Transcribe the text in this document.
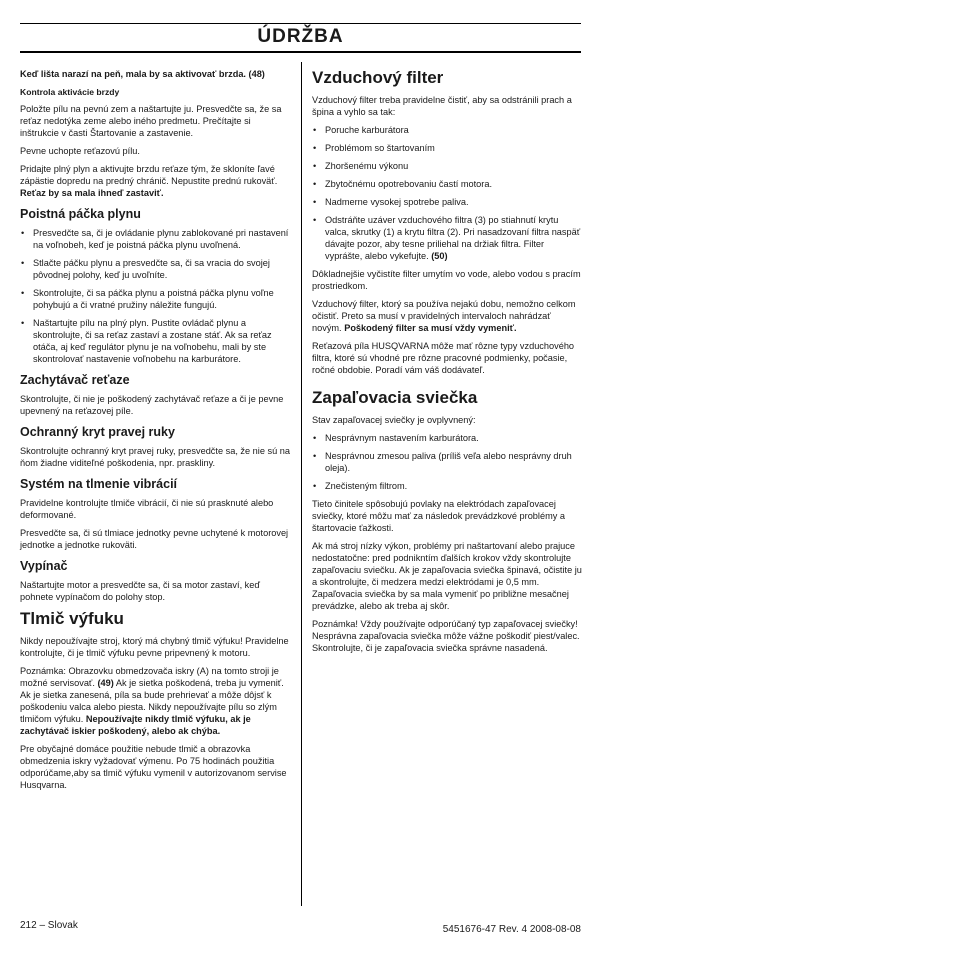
ÚDRŽBA

Keď lišta narazí na peň, mala by sa aktivovať brzda. (48)

Kontrola aktivácie brzdy

Položte pílu na pevnú zem a naštartujte ju. Presvedčte sa, že sa reťaz nedotýka zeme alebo iného predmetu. Prečítajte si inštrukcie v časti Štartovanie a zastavenie.

Pevne uchopte reťazovú pílu.

Pridajte plný plyn a aktivujte brzdu reťaze tým, že skloníte ľavé zápästie dopredu na predný chránič. Nepustite prednú rukoväť. Reťaz by sa mala ihneď zastaviť.

Poistná páčka plynu
• Presvedčte sa, či je ovládanie plynu zablokované pri nastavení na voľnobeh, keď je poistná páčka plynu uvoľnená.
• Stlačte páčku plynu a presvedčte sa, či sa vracia do svojej pôvodnej polohy, keď ju uvoľníte.
• Skontrolujte, či sa páčka plynu a poistná páčka plynu voľne pohybujú a či vratné pružiny náležite fungujú.
• Naštartujte pílu na plný plyn. Pustite ovládač plynu a skontrolujte, či sa reťaz zastaví a zostane stáť. Ak sa reťaz otáča, aj keď regulátor plynu je na voľnobehu, mali by ste skontrolovať nastavenie voľnobehu na karburátore.
Zachytávač reťaze

Skontrolujte, či nie je poškodený zachytávač reťaze a či je pevne upevnený na reťazovej píle.

Ochranný kryt pravej ruky

Skontrolujte ochranný kryt pravej ruky, presvedčte sa, že nie sú na ňom žiadne viditeľné poškodenia, npr. praskliny.

Systém na tlmenie vibrácií

Pravidelne kontrolujte tlmiče vibrácií, či nie sú prasknuté alebo deformované.

Presvedčte sa, či sú tlmiace jednotky pevne uchytené k motorovej jednotke a jednotke rukoväti.

Vypínač

Naštartujte motor a presvedčte sa, či sa motor zastaví, keď pohnete vypínačom do polohy stop.

Tlmič výfuku

Nikdy nepoužívajte stroj, ktorý má chybný tlmič výfuku! Pravidelne kontrolujte, či je tlmič výfuku pevne pripevnený k motoru.

Poznámka: Obrazovku obmedzovača iskry (A) na tomto stroji je možné servisovať. (49) Ak je sietka poškodená, treba ju vymeniť. Ak je sietka zanesená, píla sa bude prehrievať a môže dôjsť k poškodeniu valca alebo piesta. Nikdy nepoužívajte pílu so zlým tlmičom výfuku. Nepoužívajte nikdy tlmič výfuku, ak je zachytávač iskier poškodený, alebo ak chýba.

Pre obyčajné domáce použitie nebude tlmič a obrazovka obmedzenia iskry vyžadovať výmenu. Po 75 hodinách použitia odporúčame,aby sa tlmič výfuku vymenil v autorizovanom servise Husqvarna.

Vzduchový filter

Vzduchový filter treba pravidelne čistiť, aby sa odstránili prach a špina a vyhlo sa tak:

• Poruche karburátora
• Problémom so štartovaním
• Zhoršenému výkonu
• Zbytočnému opotrebovaniu častí motora.
• Nadmerne vysokej spotrebe paliva.
• Odstráňte uzáver vzduchového filtra (3) po stiahnutí krytu valca, skrutky (1) a krytu filtra (2). Pri nasadzovaní filtra naspäť dávajte pozor, aby tesne priliehal na držiak filtra. Filter vyprášte, alebo vykefujte. (50)

Dôkladnejšie vyčistíte filter umytím vo vode, alebo vodou s pracím prostriedkom.

Vzduchový filter, ktorý sa používa nejakú dobu, nemožno celkom očistiť. Preto sa musí v pravidelných intervaloch nahrádzať novým. Poškodený filter sa musí vždy vymeniť.

Reťazová píla HUSQVARNA môže mať rôzne typy vzduchového filtra, ktoré sú vhodné pre rôzne pracovné podmienky, počasie, ročné obdobie. Poradí vám váš dodávateľ.

Zapaľovacia sviečka

Stav zapaľovacej sviečky je ovplyvnený:

• Nesprávnym nastavením karburátora.
• Nesprávnou zmesou paliva (príliš veľa alebo nesprávny druh oleja).
• Znečisteným filtrom.

Tieto činitele spôsobujú povlaky na elektródach zapaľovacej sviečky, ktoré môžu mať za následok prevádzkové problémy a štartovacie ťažkosti.

Ak má stroj nízky výkon, problémy pri naštartovaní alebo prajuce nedostatočne: pred podnikntím ďalších krokov vždy skontrolujte zapaľovaciu sviečku. Ak je zapaľovacia sviečka špinavá, očistite ju a skontrolujte, či medzera medzi elektródami je 0,5 mm. Zapaľovacia sviečka by sa mala vymeniť po približne mesačnej prevádzke, alebo ak treba aj skôr.

Poznámka! Vždy používajte odporúčaný typ zapaľovacej sviečky! Nesprávna zapaľovacia sviečka môže vážne poškodiť piest/valec. Skontrolujte, či je zapaľovacia sviečka správne nasadená.

212 – Slovak	5451676-47 Rev. 4 2008-08-08
